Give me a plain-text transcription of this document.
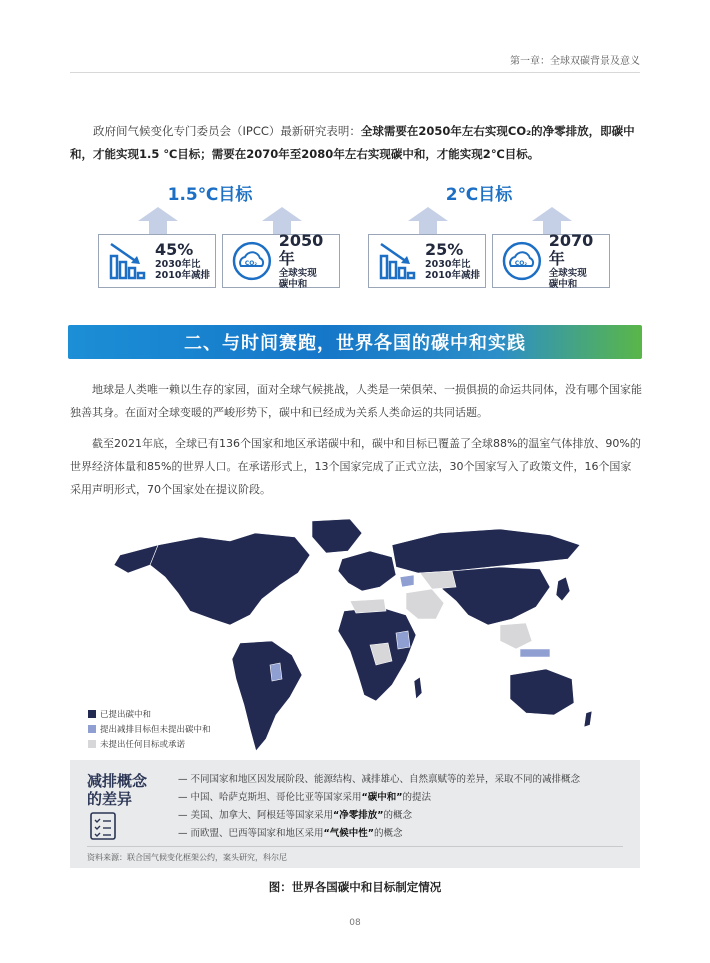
第一章：全球双碳背景及意义
政府间气候变化专门委员会（IPCC）最新研究表明：全球需要在2050年左右实现CO₂的净零排放，即碳中和，才能实现1.5 ℃目标；需要在2070年至2080年左右实现碳中和，才能实现2℃目标。
1.5℃目标
45%
2030年比
2010年减排
CO₂
2050年
全球实现
碳中和
2℃目标
25%
2030年比
2010年减排
CO₂
2070年
全球实现
碳中和
二、与时间赛跑，世界各国的碳中和实践
地球是人类唯一赖以生存的家园，面对全球气候挑战，人类是一荣俱荣、一损俱损的命运共同体，没有哪个国家能独善其身。在面对全球变暖的严峻形势下，碳中和已经成为关系人类命运的共同话题。
截至2021年底，全球已有136个国家和地区承诺碳中和，碳中和目标已覆盖了全球88%的温室气体排放、90%的世界经济体量和85%的世界人口。在承诺形式上，13个国家完成了正式立法，30个国家写入了政策文件，16个国家采用声明形式，70个国家处在提议阶段。
已提出碳中和
提出减排目标但未提出碳中和
未提出任何目标或承诺
减排概念
的差异
— 不同国家和地区因发展阶段、能源结构、减排雄心、自然禀赋等的差异，采取不同的减排概念
— 中国、哈萨克斯坦、哥伦比亚等国家采用“碳中和”的提法
— 美国、加拿大、阿根廷等国家采用“净零排放”的概念
— 而欧盟、巴西等国家和地区采用“气候中性”的概念
资料来源：联合国气候变化框架公约，案头研究，科尔尼
图：世界各国碳中和目标制定情况
08
